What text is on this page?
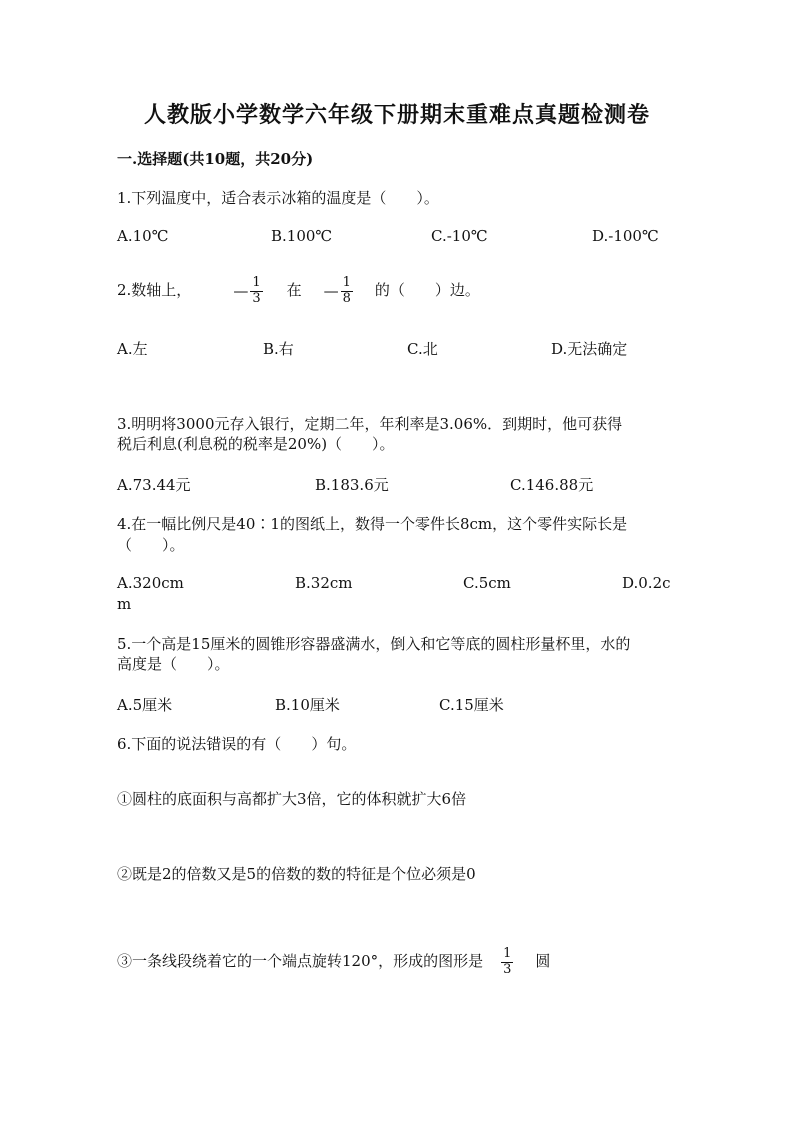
人教版小学数学六年级下册期末重难点真题检测卷
一.选择题(共10题，共20分)
1.下列温度中，适合表示冰箱的温度是（　　）。
A.10℃	B.100℃	C.-10℃	D.-100℃
2.数轴上，	— $\frac{1}{3}$ 在 — $\frac{1}{8}$ 的（　　）边。
A.左	B.右	C.北	D.无法确定
3.明明将3000元存入银行，定期二年，年利率是3.06%．到期时，他可获得
税后利息(利息税的税率是20%)（　　）。
A.73.44元	B.183.6元	C.146.88元
4.在一幅比例尺是40∶1的图纸上，数得一个零件长8cm，这个零件实际长是
（　　）。
A.320cm	B.32cm	C.5cm	D.0.2c
m
5.一个高是15厘米的圆锥形容器盛满水，倒入和它等底的圆柱形量杯里，水的
高度是（　　）。
A.5厘米	B.10厘米	C.15厘米
6.下面的说法错误的有（　　）句。
①圆柱的底面积与高都扩大3倍，它的体积就扩大6倍
②既是2的倍数又是5的倍数的数的特征是个位必须是0
③一条线段绕着它的一个端点旋转120°，形成的图形是 $\frac{1}{3}$ 圆
